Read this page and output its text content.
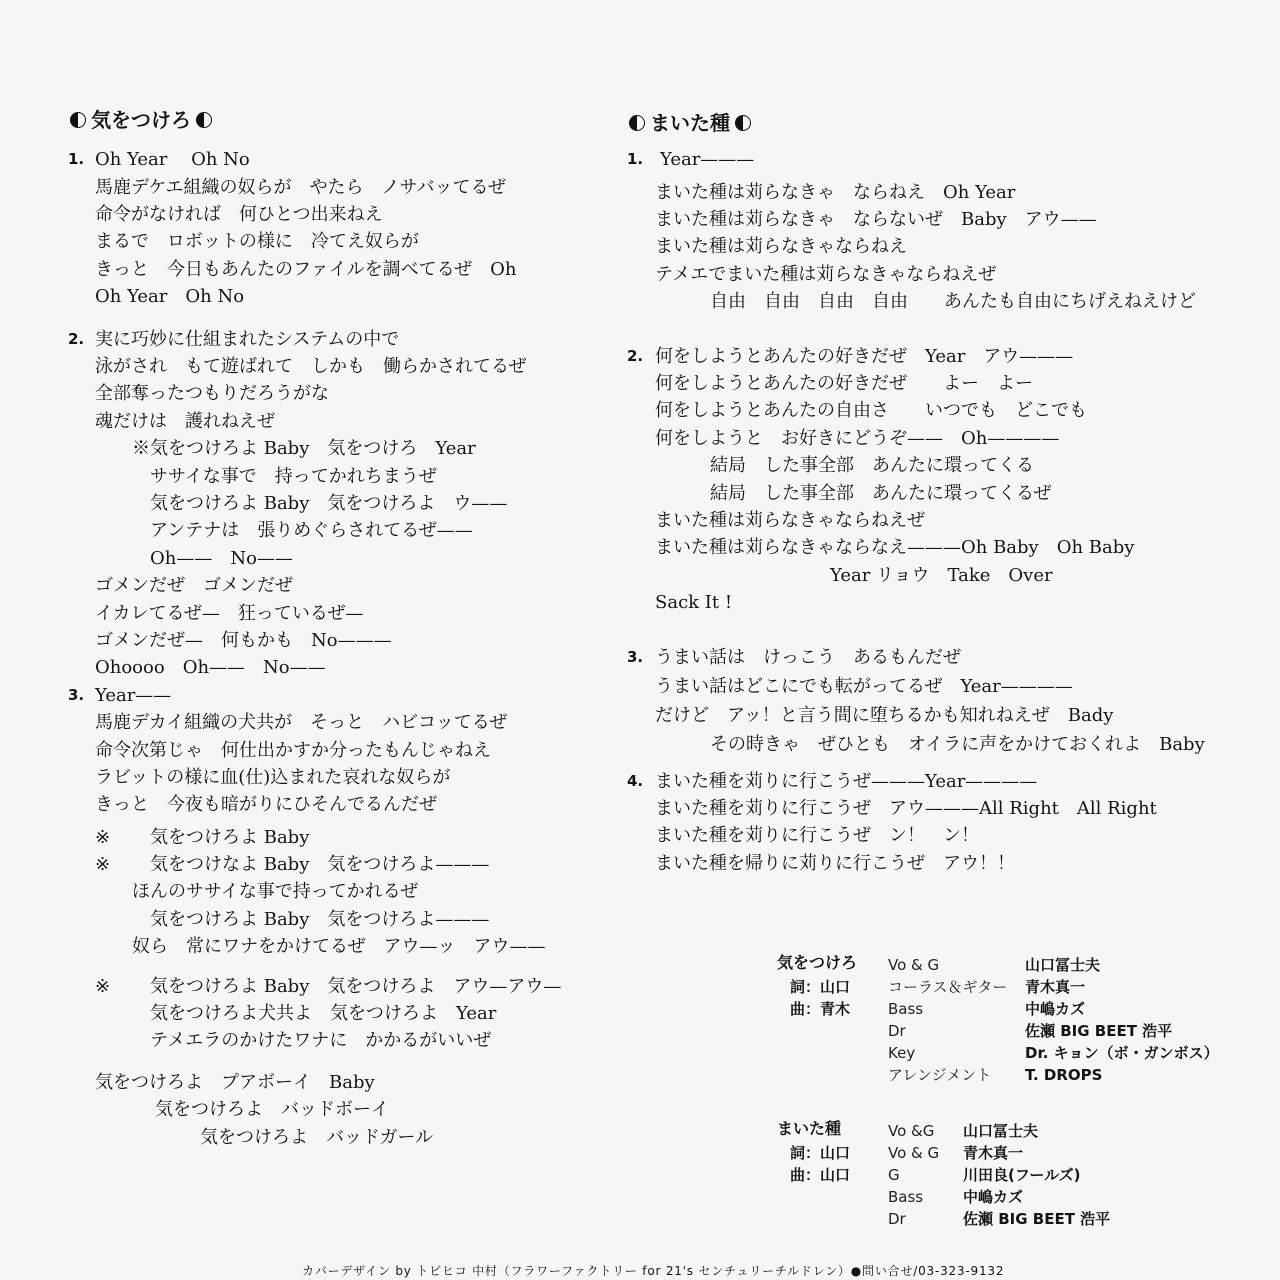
気をつけろ
1. Oh Year　 Oh No
馬鹿デケエ組織の奴らが　やたら　ノサバッてるぜ
命令がなければ　何ひとつ出来ねえ
まるで　ロボットの様に　冷てえ奴らが
きっと　今日もあんたのファイルを調べてるぜ　Oh
Oh Year　Oh No
2. 実に巧妙に仕組まれたシステムの中で
泳がされ　もて遊ばれて　しかも　働らかされてるぜ
全部奪ったつもりだろうがな
魂だけは　護れねえぜ
※気をつけろよ Baby　気をつけろ　Year
ササイな事で　持ってかれちまうぜ
気をつけろよ Baby　気をつけろよ　ウ——
アンテナは　張りめぐらされてるぜ——
Oh——　No——
ゴメンだぜ　ゴメンだぜ
イカレてるぜ—　狂っているぜ—
ゴメンだぜ—　何もかも　No———
Ohoooo　Oh——　No——
3. Year——
馬鹿デカイ組織の犬共が　そっと　ハビコッてるぜ
命令次第じゃ　何仕出かすか分ったもんじゃねえ
ラビットの様に血(仕)込まれた哀れな奴らが
きっと　今夜も暗がりにひそんでるんだぜ
※ 気をつけろよ Baby
※ 気をつけなよ Baby　気をつけろよ———
ほんのササイな事で持ってかれるぜ
気をつけろよ Baby　気をつけろよ———
奴ら　常にワナをかけてるぜ　アウ—ッ　アウ——
※ 気をつけろよ Baby　気をつけろよ　アウ—アウ—
気をつけろよ犬共よ　気をつけろよ　Year
テメエラのかけたワナに　かかるがいいぜ
気をつけろよ　プアボーイ　Baby
気をつけろよ　バッドボーイ
気をつけろよ　バッドガール
まいた種
1. Year———
まいた種は苅らなきゃ　ならねえ　Oh Year
まいた種は苅らなきゃ　ならないぜ　Baby　アウ——
まいた種は苅らなきゃならねえ
テメエでまいた種は苅らなきゃならねえぜ
自由　自由　自由　自由　　あんたも自由にちげえねえけど
2. 何をしようとあんたの好きだぜ　Year　アウ———
何をしようとあんたの好きだぜ　　よー　よー
何をしようとあんたの自由さ　　いつでも　どこでも
何をしようと　お好きにどうぞ——　Oh————
結局　した事全部　あんたに環ってくる
結局　した事全部　あんたに環ってくるぜ
まいた種は苅らなきゃならねえぜ
まいた種は苅らなきゃならなえ———Oh Baby　Oh Baby
Year リョウ　Take　Over
Sack It !
3. うまい話は　けっこう　あるもんだぜ
うまい話はどこにでも転がってるぜ　Year————
だけど　アッ！と言う間に堕ちるかも知れねえぜ　Bady
その時きゃ　ぜひとも　オイラに声をかけておくれよ　Baby
4. まいた種を苅りに行こうぜ———Year————
まいた種を苅りに行こうぜ　アウ———All Right　All Right
まいた種を苅りに行こうぜ　ン！　ン！
まいた種を帰りに苅りに行こうぜ　アウ！！
気をつけろ
詞：山口
曲：青木
Vo & G	山口冨士夫
コーラス＆ギター	青木真一
Bass	中嶋カズ
Dr	佐瀬 BIG BEET 浩平
Key	Dr. キョン（ボ・ガンボス）
アレンジメント	T. DROPS
まいた種
詞：山口
曲：山口
Vo &G	山口冨士夫
Vo & G	青木真一
G	川田良(フールズ)
Bass	中嶋カズ
Dr	佐瀬 BIG BEET 浩平
カバーデザイン by トビヒコ 中村（フラワーファクトリー for 21's センチュリーチルドレン）●問い合せ/03-323-9132
